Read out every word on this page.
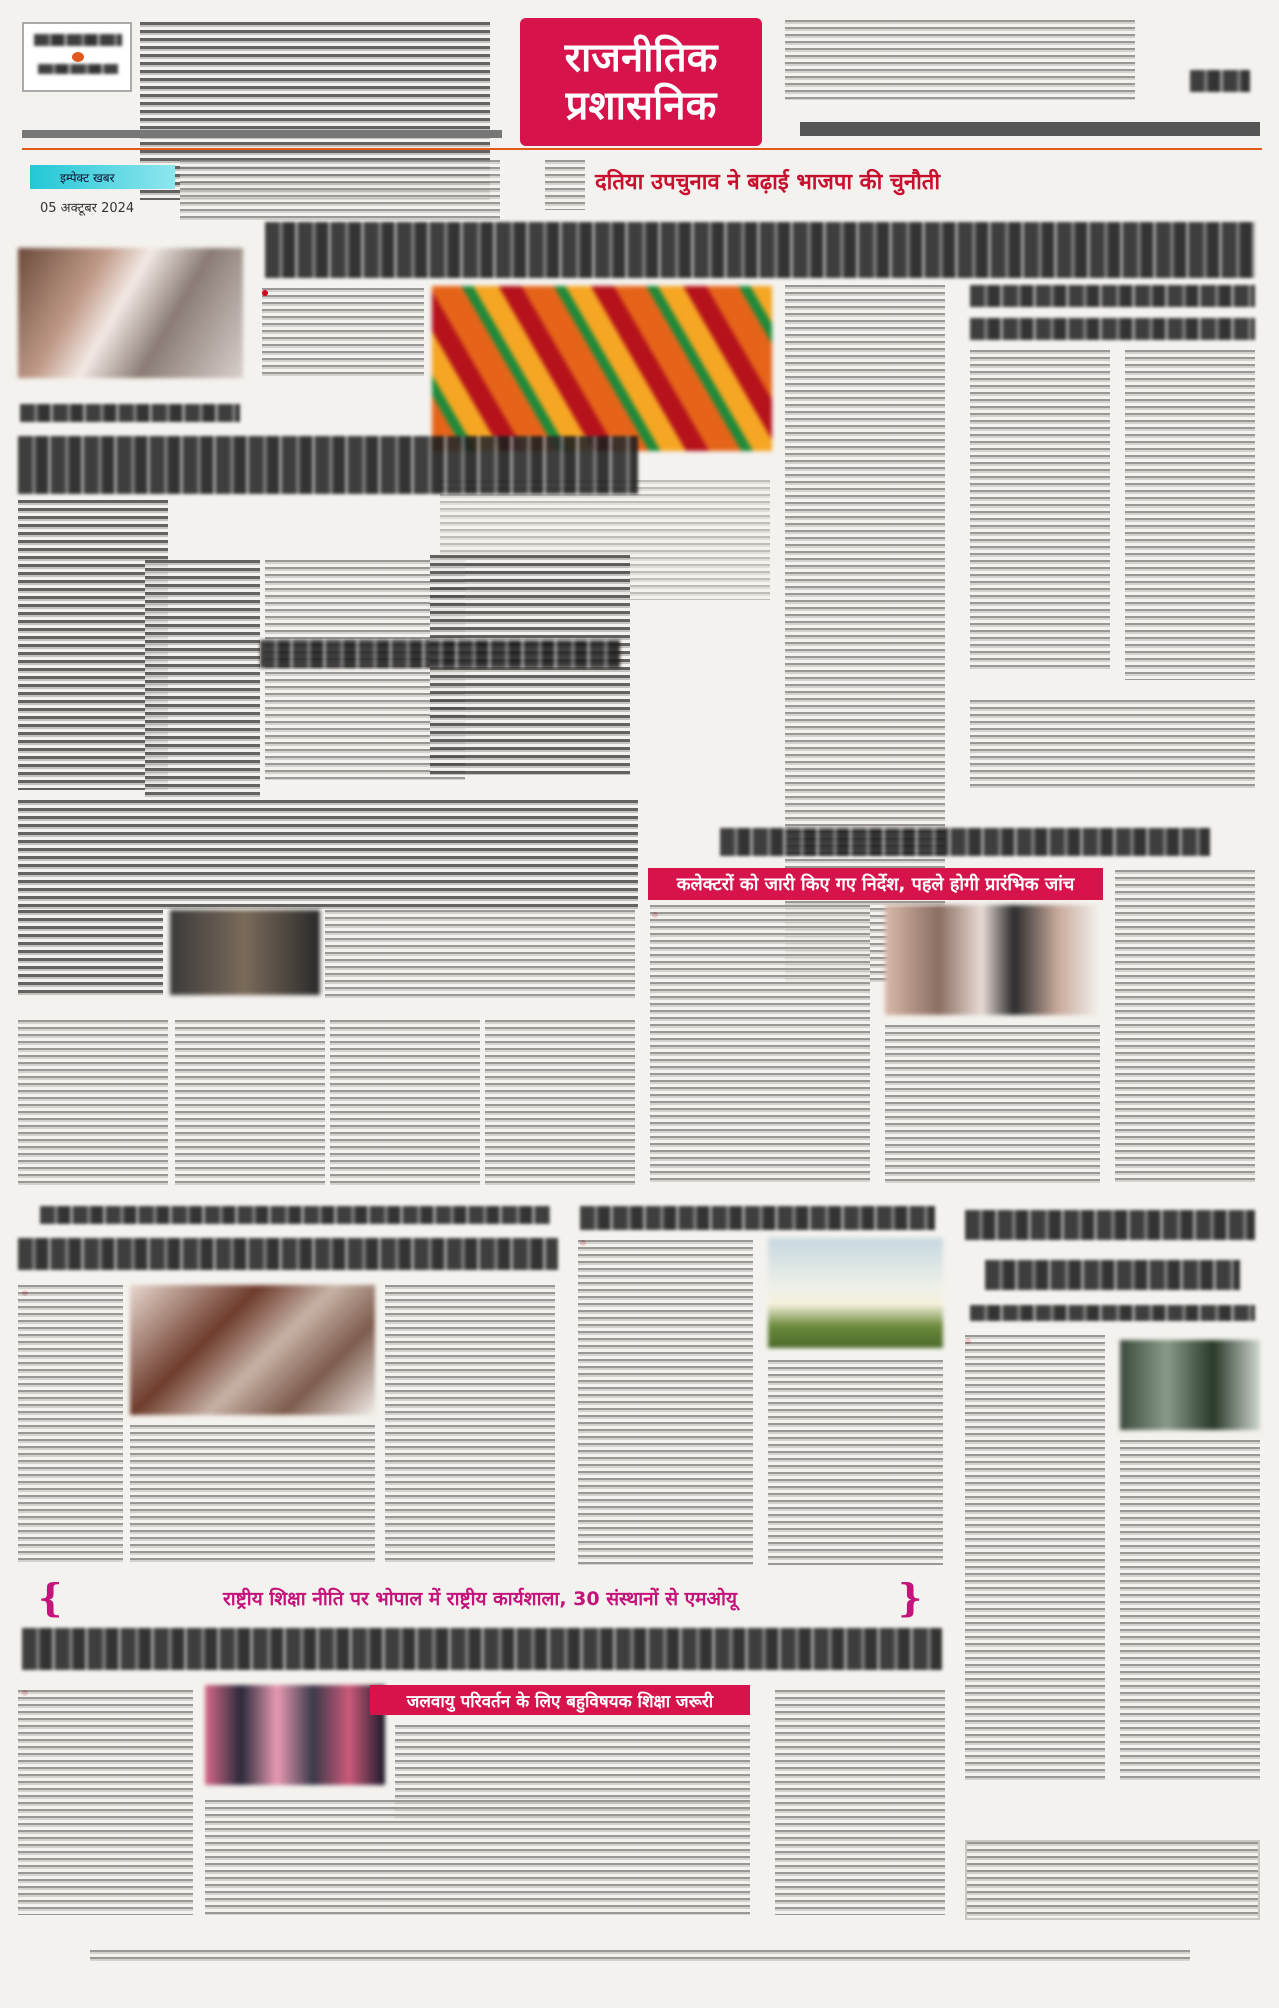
राजनीतिक
प्रशासनिक
इम्पेक्ट खबर
05 अक्टूबर 2024
दतिया उपचुनाव ने बढ़ाई भाजपा की चुनौती
कलेक्टरों को जारी किए गए निर्देश, पहले होगी प्रारंभिक जांच
{	राष्ट्रीय शिक्षा नीति पर भोपाल में राष्ट्रीय कार्यशाला, 30 संस्थानों से एमओयू	}
जलवायु परिवर्तन के लिए बहुविषयक शिक्षा जरूरी
